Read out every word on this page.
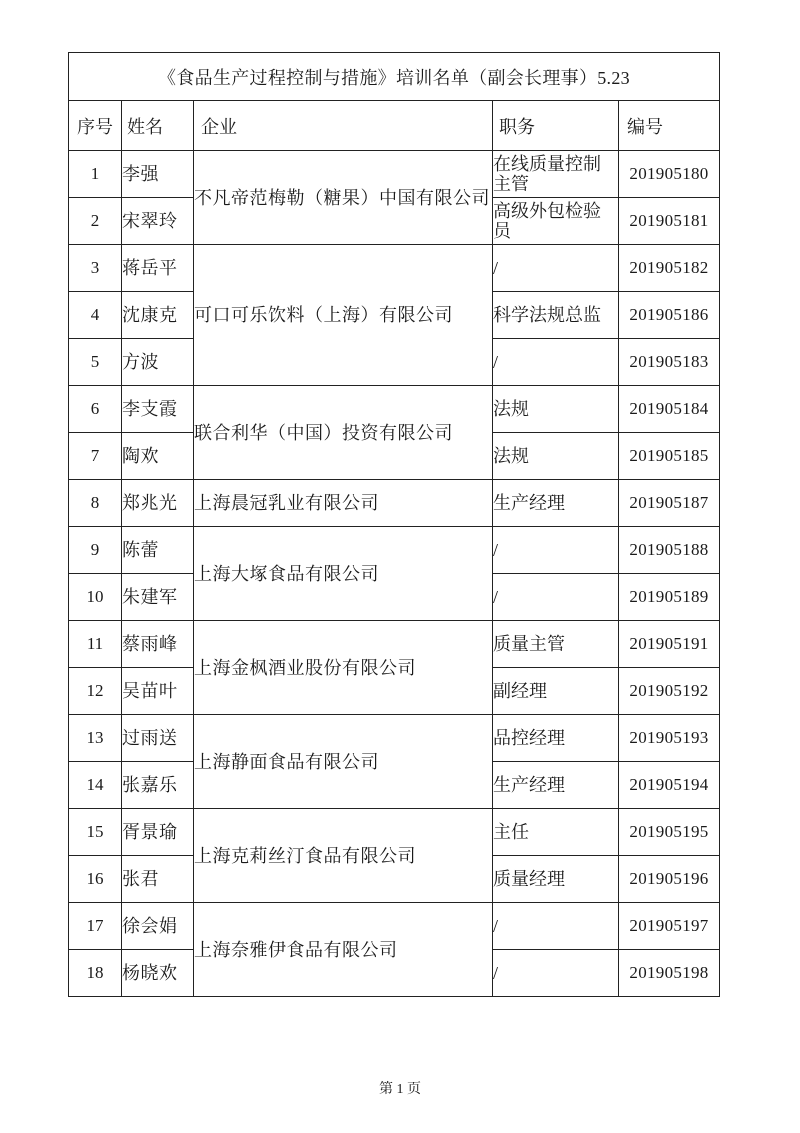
《食品生产过程控制与措施》培训名单（副会长理事）5.23				
序号	姓名	企业	职务	编号
1	李强	不凡帝范梅勒（糖果）中国有限公司	在线质量控制主管	201905180
2	宋翠玲		高级外包检验员	201905181
3	蒋岳平	可口可乐饮料（上海）有限公司	/	201905182
4	沈康克		科学法规总监	201905186
5	方波		/	201905183
6	李支霞	联合利华（中国）投资有限公司	法规	201905184
7	陶欢		法规	201905185
8	郑兆光	上海晨冠乳业有限公司	生产经理	201905187
9	陈蕾	上海大塚食品有限公司	/	201905188
10	朱建军		/	201905189
11	蔡雨峰	上海金枫酒业股份有限公司	质量主管	201905191
12	吴苗叶		副经理	201905192
13	过雨送	上海静面食品有限公司	品控经理	201905193
14	张嘉乐		生产经理	201905194
15	胥景瑜	上海克莉丝汀食品有限公司	主任	201905195
16	张君		质量经理	201905196
17	徐会娟	上海奈雅伊食品有限公司	/	201905197
18	杨晓欢		/	201905198
第 1 页
